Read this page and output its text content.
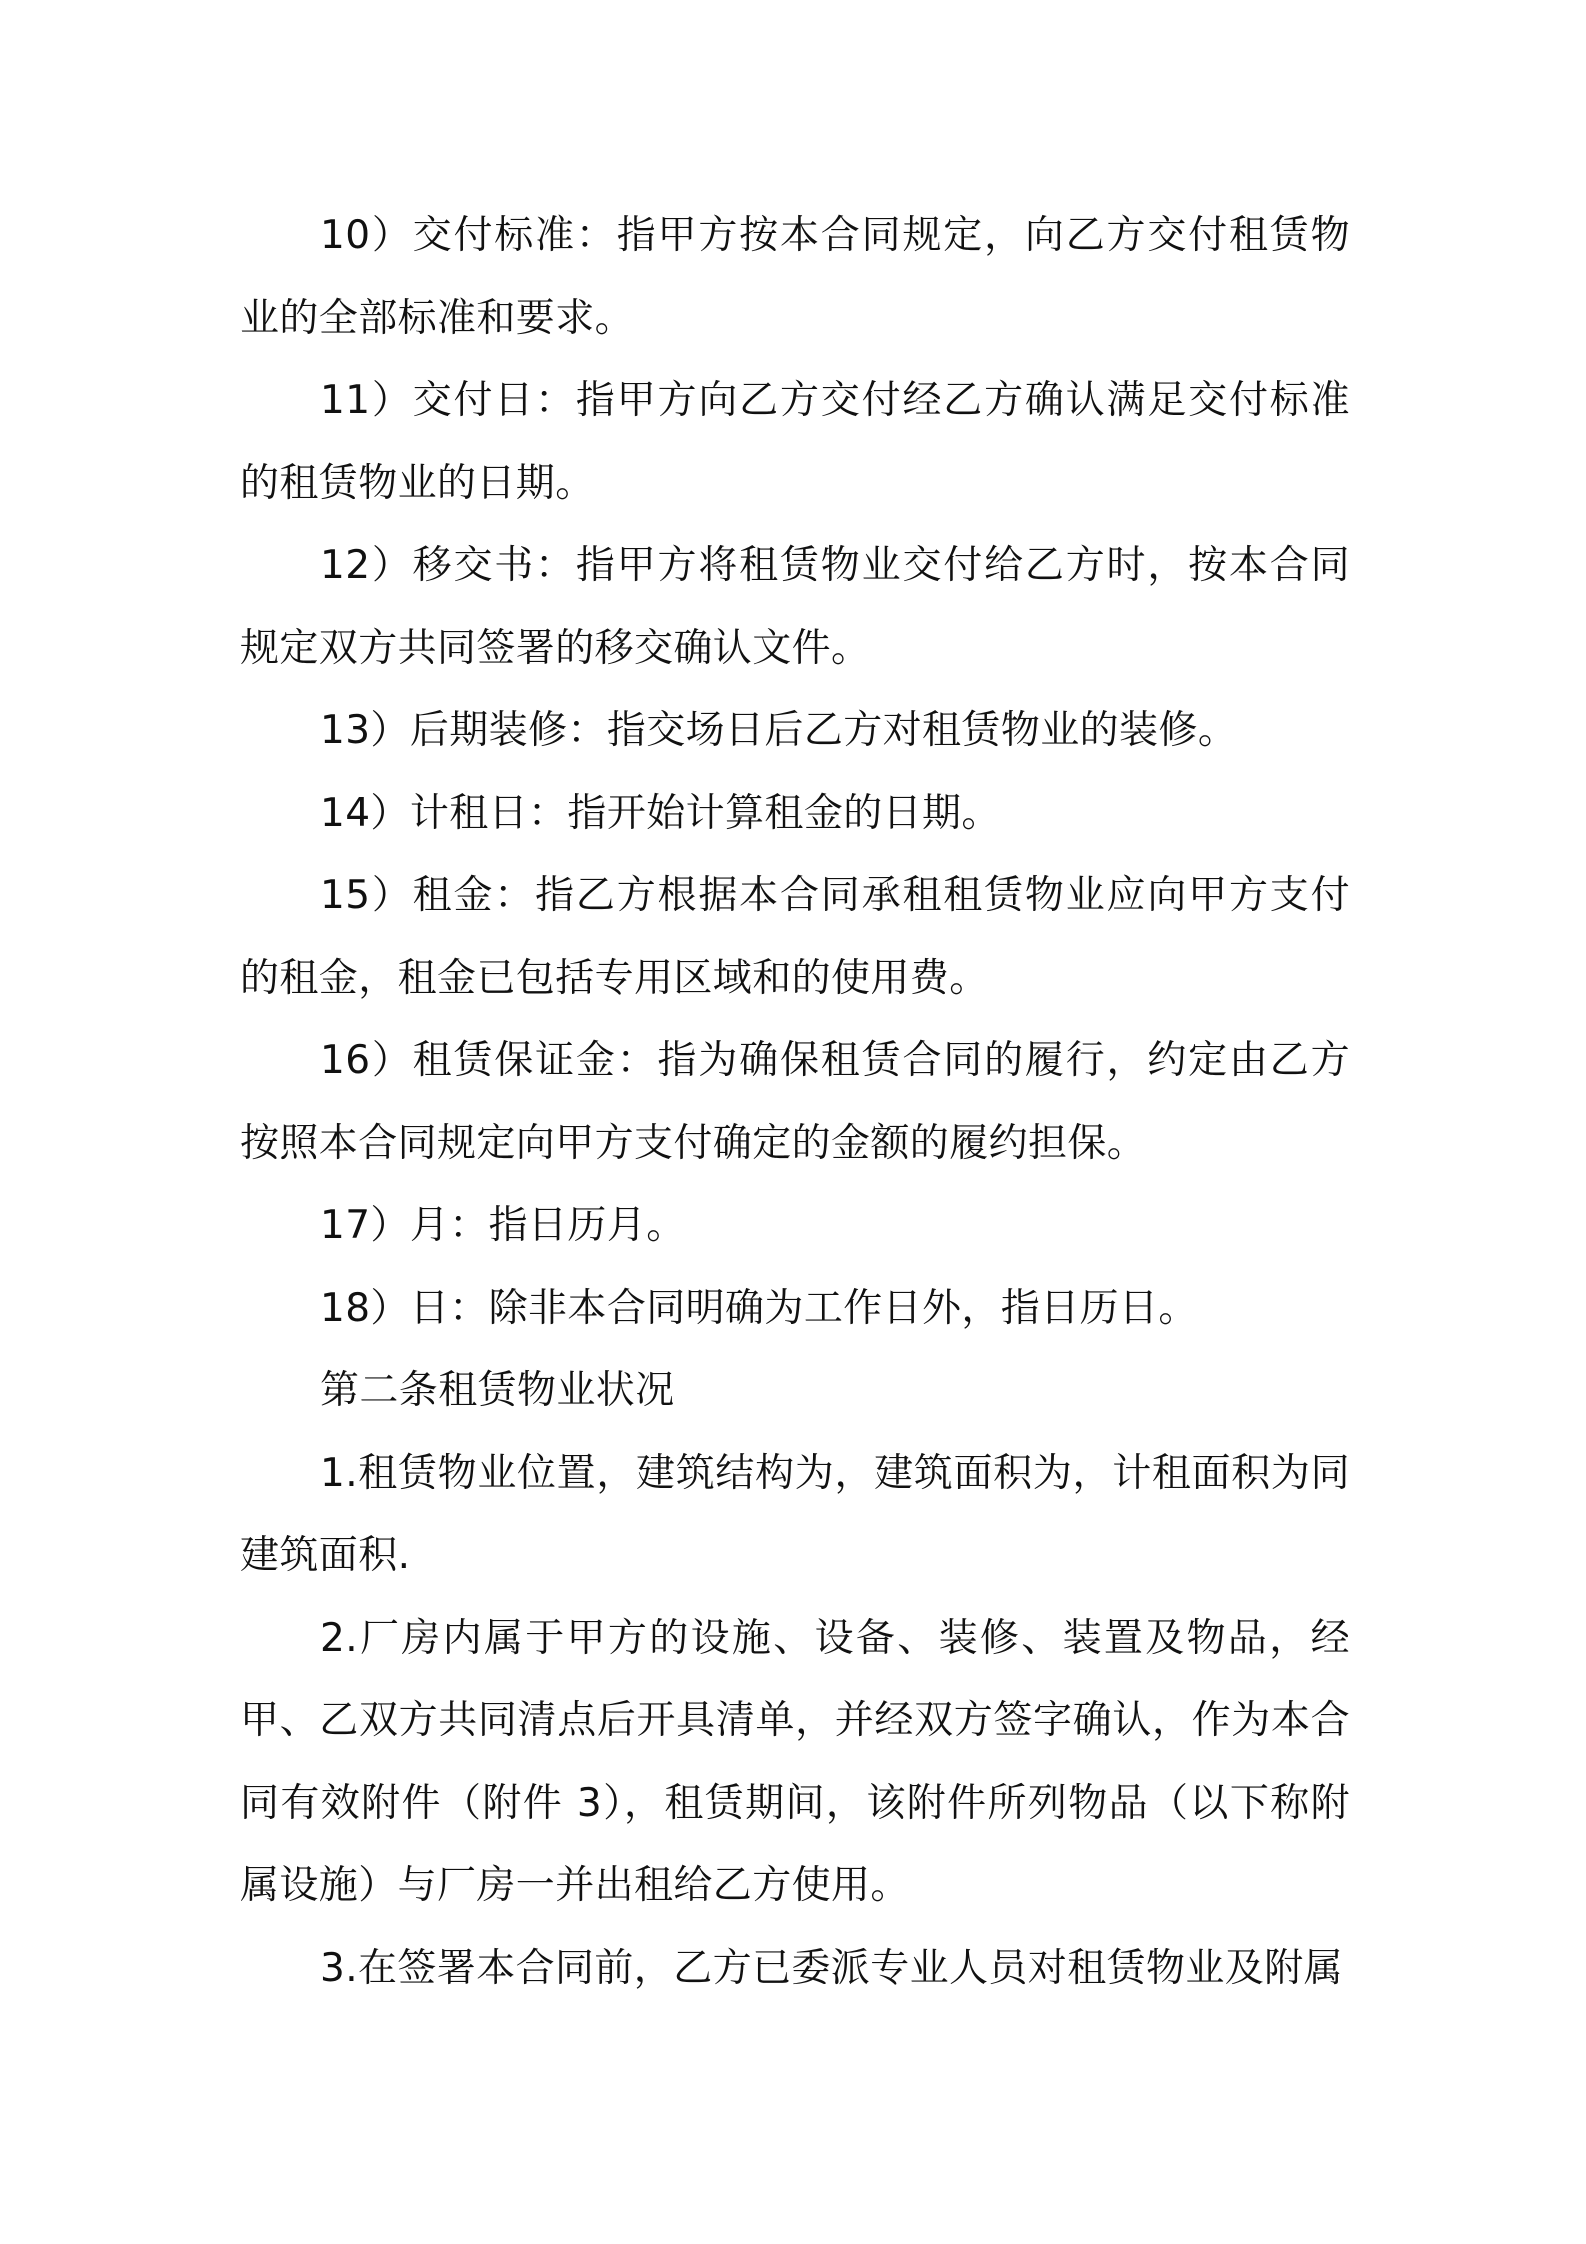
10）交付标准：指甲方按本合同规定，向乙方交付租赁物业的全部标准和要求。

11）交付日：指甲方向乙方交付经乙方确认满足交付标准的租赁物业的日期。

12）移交书：指甲方将租赁物业交付给乙方时，按本合同规定双方共同签署的移交确认文件。

13）后期装修：指交场日后乙方对租赁物业的装修。

14）计租日：指开始计算租金的日期。

15）租金：指乙方根据本合同承租租赁物业应向甲方支付的租金，租金已包括专用区域和的使用费。

16）租赁保证金：指为确保租赁合同的履行，约定由乙方按照本合同规定向甲方支付确定的金额的履约担保。

17）月：指日历月。

18）日：除非本合同明确为工作日外，指日历日。

第二条租赁物业状况

1.租赁物业位置，建筑结构为，建筑面积为，计租面积为同建筑面积.

2.厂房内属于甲方的设施、设备、装修、装置及物品，经甲、乙双方共同清点后开具清单，并经双方签字确认，作为本合同有效附件（附件 3），租赁期间，该附件所列物品（以下称附属设施）与厂房一并出租给乙方使用。

3.在签署本合同前，乙方已委派专业人员对租赁物业及附属
